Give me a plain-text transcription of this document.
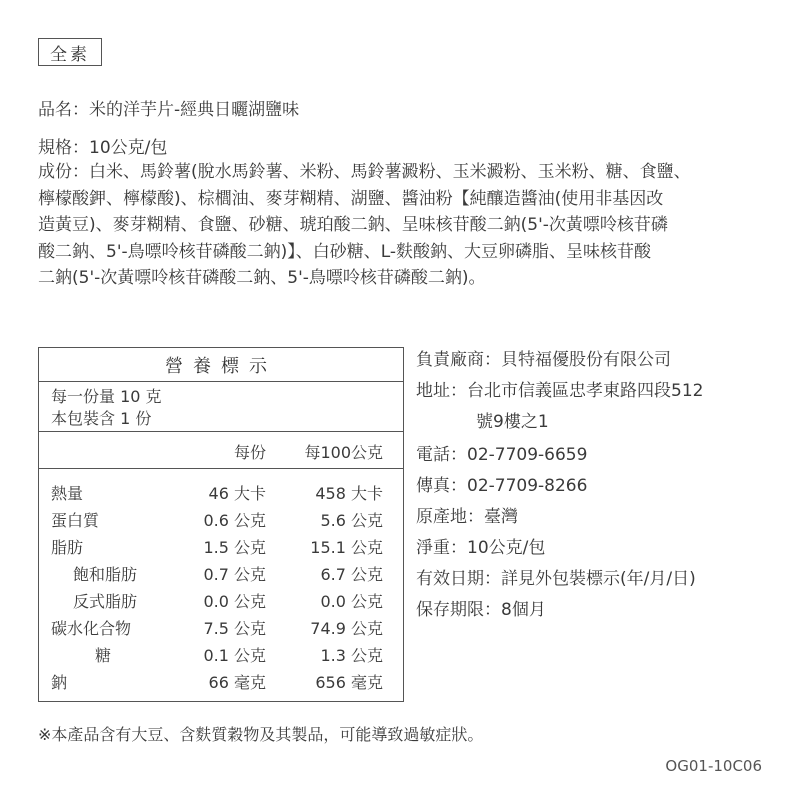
全素
品名：米的洋芋片-經典日曬湖鹽味
規格：10公克/包
成份：白米、馬鈴薯(脫水馬鈴薯、米粉、馬鈴薯澱粉、玉米澱粉、玉米粉、糖、食鹽、
檸檬酸鉀、檸檬酸)、棕櫚油、麥芽糊精、湖鹽、醬油粉【純釀造醬油(使用非基因改
造黃豆)、麥芽糊精、食鹽、砂糖、琥珀酸二鈉、呈味核苷酸二鈉(5'-次黃嘌呤核苷磷
酸二鈉、5'-鳥嘌呤核苷磷酸二鈉)】、白砂糖、L-麩酸鈉、大豆卵磷脂、呈味核苷酸
二鈉(5'-次黃嘌呤核苷磷酸二鈉、5'-鳥嘌呤核苷磷酸二鈉)。
營養標示
每一份量 10 克
本包裝含 1 份
每份 每100公克
熱量	46 大卡	458 大卡
蛋白質	0.6 公克	5.6 公克
脂肪	1.5 公克	15.1 公克
飽和脂肪	0.7 公克	6.7 公克
反式脂肪	0.0 公克	0.0 公克
碳水化合物	7.5 公克	74.9 公克
糖	0.1 公克	1.3 公克
鈉	66 毫克	656 毫克
負責廠商：貝特福優股份有限公司
地址：台北市信義區忠孝東路四段512
號9樓之1
電話：02-7709-6659
傳真：02-7709-8266
原產地：臺灣
淨重：10公克/包
有效日期：詳見外包裝標示(年/月/日)
保存期限：8個月
※本產品含有大豆、含麩質穀物及其製品，可能導致過敏症狀。
OG01-10C06
